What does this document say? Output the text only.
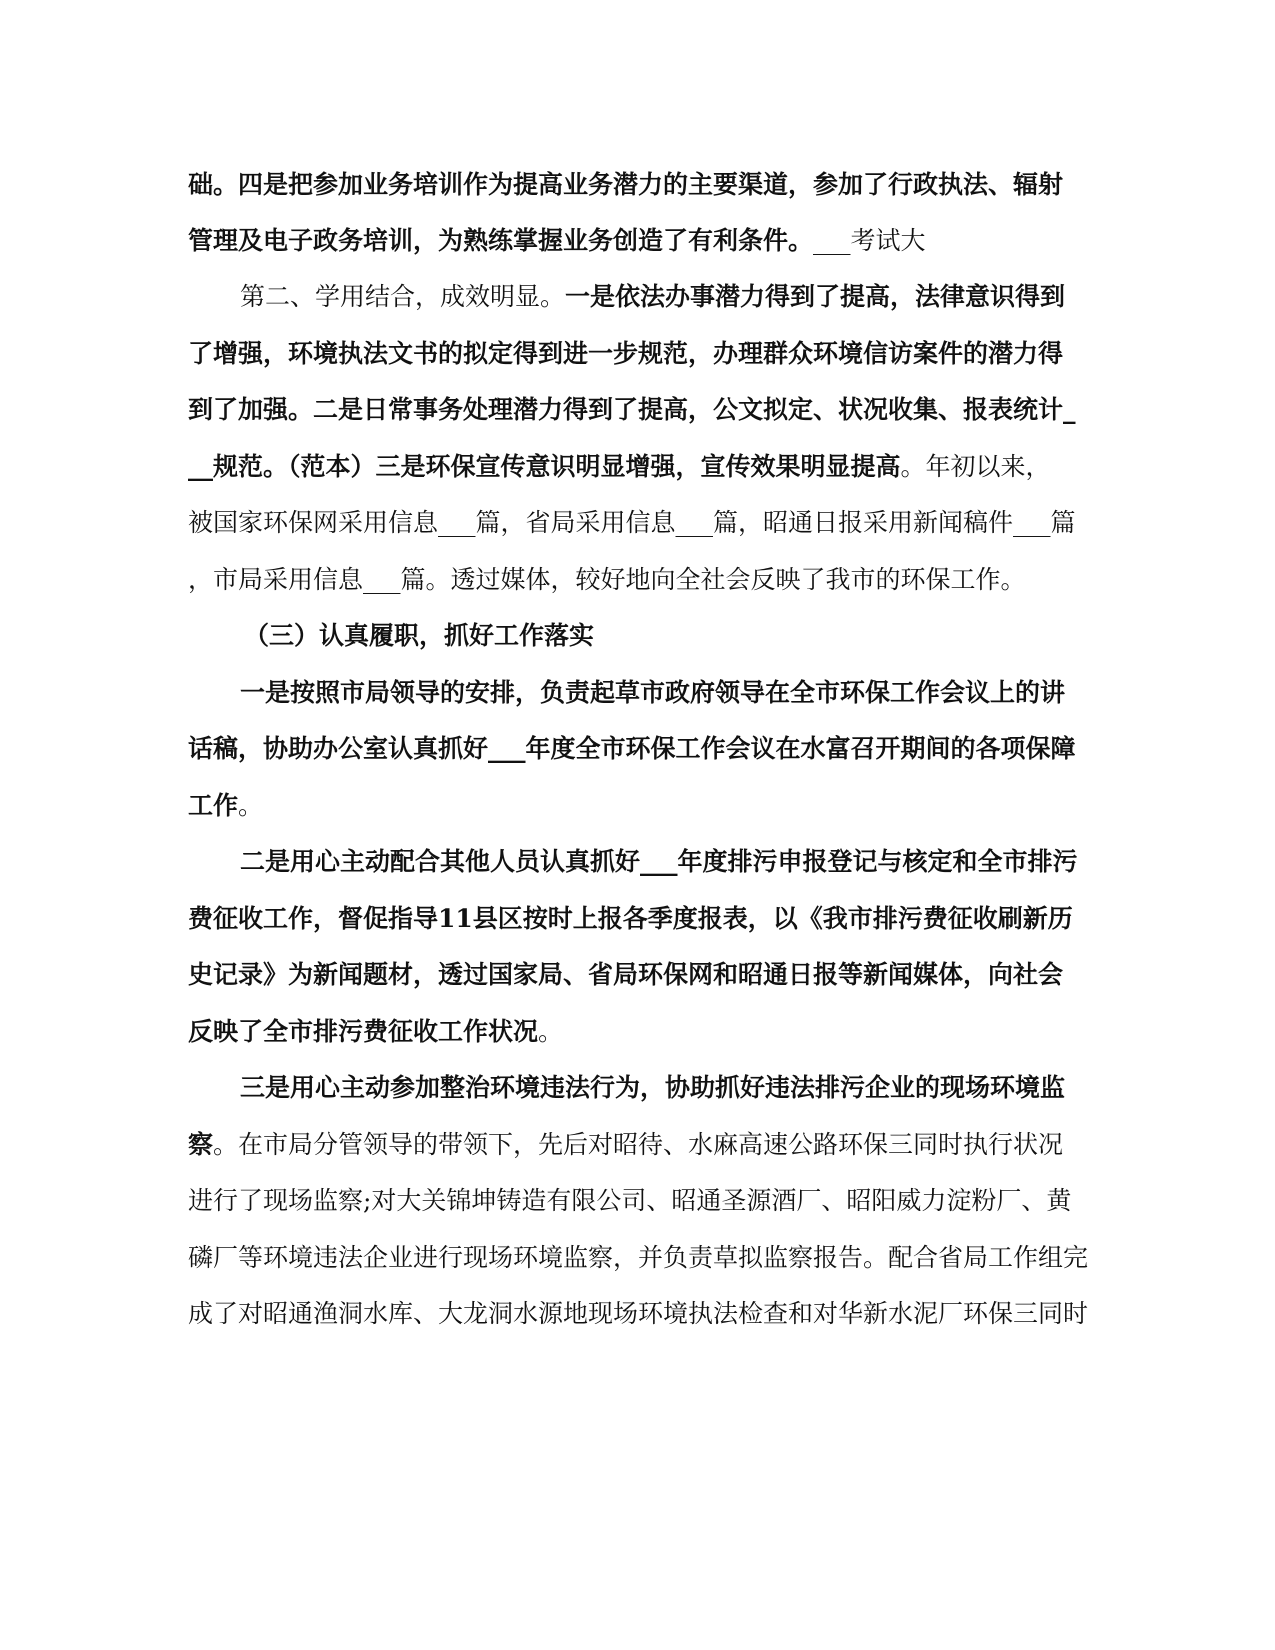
础。四是把参加业务培训作为提高业务潜力的主要渠道，参加了行政执法、辐射
管理及电子政务培训，为熟练掌握业务创造了有利条件。___考试大
第二、学用结合，成效明显。一是依法办事潜力得到了提高，法律意识得到
了增强，环境执法文书的拟定得到进一步规范，办理群众环境信访案件的潜力得
到了加强。二是日常事务处理潜力得到了提高，公文拟定、状况收集、报表统计_
__规范。（范本）三是环保宣传意识明显增强，宣传效果明显提高。年初以来，
被国家环保网采用信息___篇，省局采用信息___篇，昭通日报采用新闻稿件___篇
，市局采用信息___篇。透过媒体，较好地向全社会反映了我市的环保工作。
（三）认真履职，抓好工作落实
一是按照市局领导的安排，负责起草市政府领导在全市环保工作会议上的讲
话稿，协助办公室认真抓好___年度全市环保工作会议在水富召开期间的各项保障
工作。
二是用心主动配合其他人员认真抓好___年度排污申报登记与核定和全市排污
费征收工作，督促指导11县区按时上报各季度报表，以《我市排污费征收刷新历
史记录》为新闻题材，透过国家局、省局环保网和昭通日报等新闻媒体，向社会
反映了全市排污费征收工作状况。
三是用心主动参加整治环境违法行为，协助抓好违法排污企业的现场环境监
察。在市局分管领导的带领下，先后对昭待、水麻高速公路环保三同时执行状况
进行了现场监察;对大关锦坤铸造有限公司、昭通圣源酒厂、昭阳威力淀粉厂、黄
磷厂等环境违法企业进行现场环境监察，并负责草拟监察报告。配合省局工作组完
成了对昭通渔洞水库、大龙洞水源地现场环境执法检查和对华新水泥厂环保三同时
